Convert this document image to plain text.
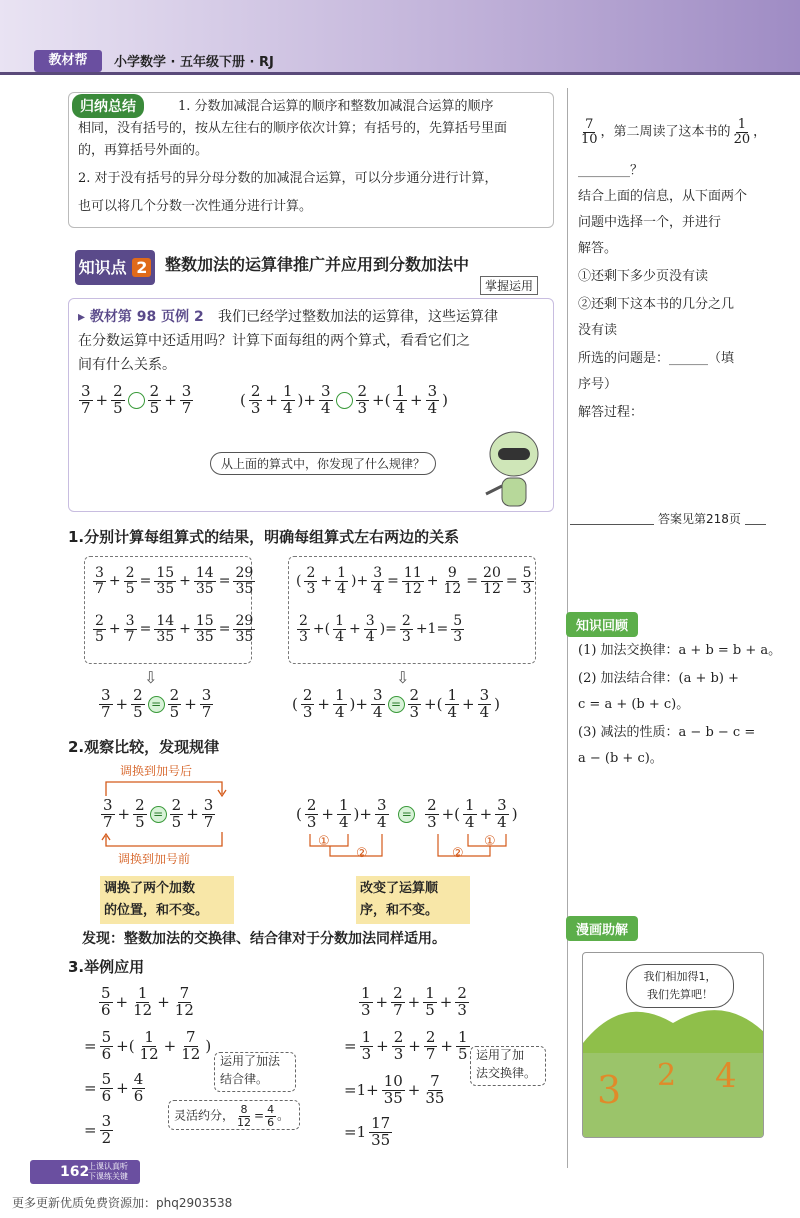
教材帮	小学数学 · 五年级下册 · RJ
归纳总结	1. 分数加减混合运算的顺序和整数加减混合运算的顺序
相同，没有括号的，按从左往右的顺序依次计算；有括号的，先算括号里面
的，再算括号外面的。
2. 对于没有括号的异分母分数的加减混合运算，可以分步通分进行计算，
也可以将几个分数一次性通分进行计算。
知识点 2	整数加法的运算律推广并应用到分数加法中
掌握运用
▸ 教材第 98 页例 2 我们已经学过整数加法的运算律，这些运算律
在分数运算中还适用吗？计算下面每组的两个算式，看看它们之
间有什么关系。
$\frac{3}{7} + \frac{2}{5} \frac{2}{5} + \frac{3}{7}$	( $\frac{2}{3} + \frac{1}{4}$ )+ $\frac{3}{4} \frac{2}{3}$ +( $\frac{1}{4} + \frac{3}{4}$ )
从上面的算式中，你发现了什么规律？
1.分别计算每组算式的结果，明确每组算式左右两边的关系
$\frac{3}{7} + \frac{2}{5} = \frac{15}{35} + \frac{14}{35} = \frac{29}{35}$
$\frac{2}{5} + \frac{3}{7} = \frac{14}{35} + \frac{15}{35} = \frac{29}{35}$
( $\frac{2}{3} + \frac{1}{4}$ )+ $\frac{3}{4} = \frac{11}{12} + \frac{9}{12} = \frac{20}{12} = \frac{5}{3}$
$\frac{2}{3}$ +( $\frac{1}{4} + \frac{3}{4}$ )= $\frac{2}{3} +1= \frac{5}{3}$
⇩	⇩
$\frac{3}{7} + \frac{2}{5} = \frac{2}{5} + \frac{3}{7}$	( $\frac{2}{3} + \frac{1}{4}$ )+ $\frac{3}{4} = \frac{2}{3}$ +( $\frac{1}{4} + \frac{3}{4}$ )
2.观察比较，发现规律
调换到加号后
$\frac{3}{7} + \frac{2}{5} = \frac{2}{5} + \frac{3}{7}$
调换到加号前
( $\frac{2}{3} + \frac{1}{4}$ )+ $\frac{3}{4}$
=
$\frac{2}{3}$ +( $\frac{1}{4} + \frac{3}{4}$ )
①
②	②
①
调换了两个加数
的位置，和不变。
改变了运算顺
序，和不变。
发现：整数加法的交换律、结合律对于分数加法同样适用。
3.举例应用
$\frac{5}{6} + \frac{1}{12} + \frac{7}{12}$
= $\frac{5}{6}$ +( $\frac{1}{12} + \frac{7}{12}$ )
= $\frac{5}{6} + \frac{4}{6}$
= $\frac{3}{2}$
运用了加法
结合律。
灵活约分， $\frac{8}{12} = \frac{4}{6}$ 。
$\frac{1}{3} + \frac{2}{7} + \frac{1}{5} + \frac{2}{3}$
= $\frac{1}{3} + \frac{2}{3} + \frac{2}{7} + \frac{1}{5}$
$=1+ \frac{10}{35} + \frac{7}{35}$
$=1 \frac{17}{35}$
运用了加
法交换律。
$\frac{7}{10}$ ，第二周读了这本书的 $\frac{1}{20}$ ，
________？
结合上面的信息，从下面两个
问题中选择一个，并进行
解答。
①还剩下多少页没有读
②还剩下这本书的几分之几
没有读
所选的问题是：______（填
序号）
解答过程：
答案见第218页
知识回顾
(1) 加法交换律：a + b = b + a。
(2) 加法结合律：(a + b) +
c = a + (b + c)。
(3) 减法的性质：a − b − c =
a − (b + c)。
漫画助解
3 2 4
我们相加得1，
我们先算吧！
162
上课认真听
下课练关键
更多更新优质免费资源加：phq2903538
